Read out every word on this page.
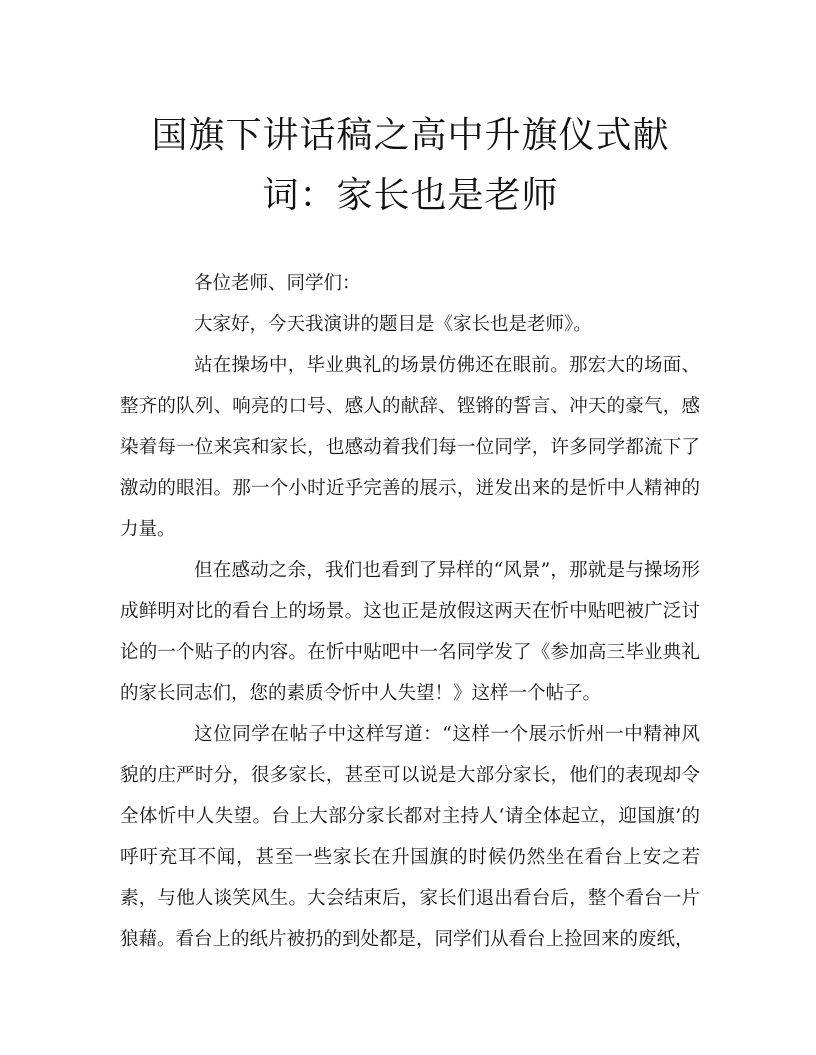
国旗下讲话稿之高中升旗仪式献词：家长也是老师

各位老师、同学们：

大家好，今天我演讲的题目是《家长也是老师》。

站在操场中，毕业典礼的场景仿佛还在眼前。那宏大的场面、整齐的队列、响亮的口号、感人的献辞、铿锵的誓言、冲天的豪气，感染着每一位来宾和家长，也感动着我们每一位同学，许多同学都流下了激动的眼泪。那一个小时近乎完善的展示，迸发出来的是忻中人精神的力量。

但在感动之余，我们也看到了异样的“风景”，那就是与操场形成鲜明对比的看台上的场景。这也正是放假这两天在忻中贴吧被广泛讨论的一个贴子的内容。在忻中贴吧中一名同学发了《参加高三毕业典礼的家长同志们，您的素质令忻中人失望！》这样一个帖子。

这位同学在帖子中这样写道：“这样一个展示忻州一中精神风貌的庄严时分，很多家长，甚至可以说是大部分家长，他们的表现却令全体忻中人失望。台上大部分家长都对主持人‘请全体起立，迎国旗’的呼吁充耳不闻，甚至一些家长在升国旗的时候仍然坐在看台上安之若素，与他人谈笑风生。大会结束后，家长们退出看台后，整个看台一片狼藉。看台上的纸片被扔的到处都是，同学们从看台上捡回来的废纸，
